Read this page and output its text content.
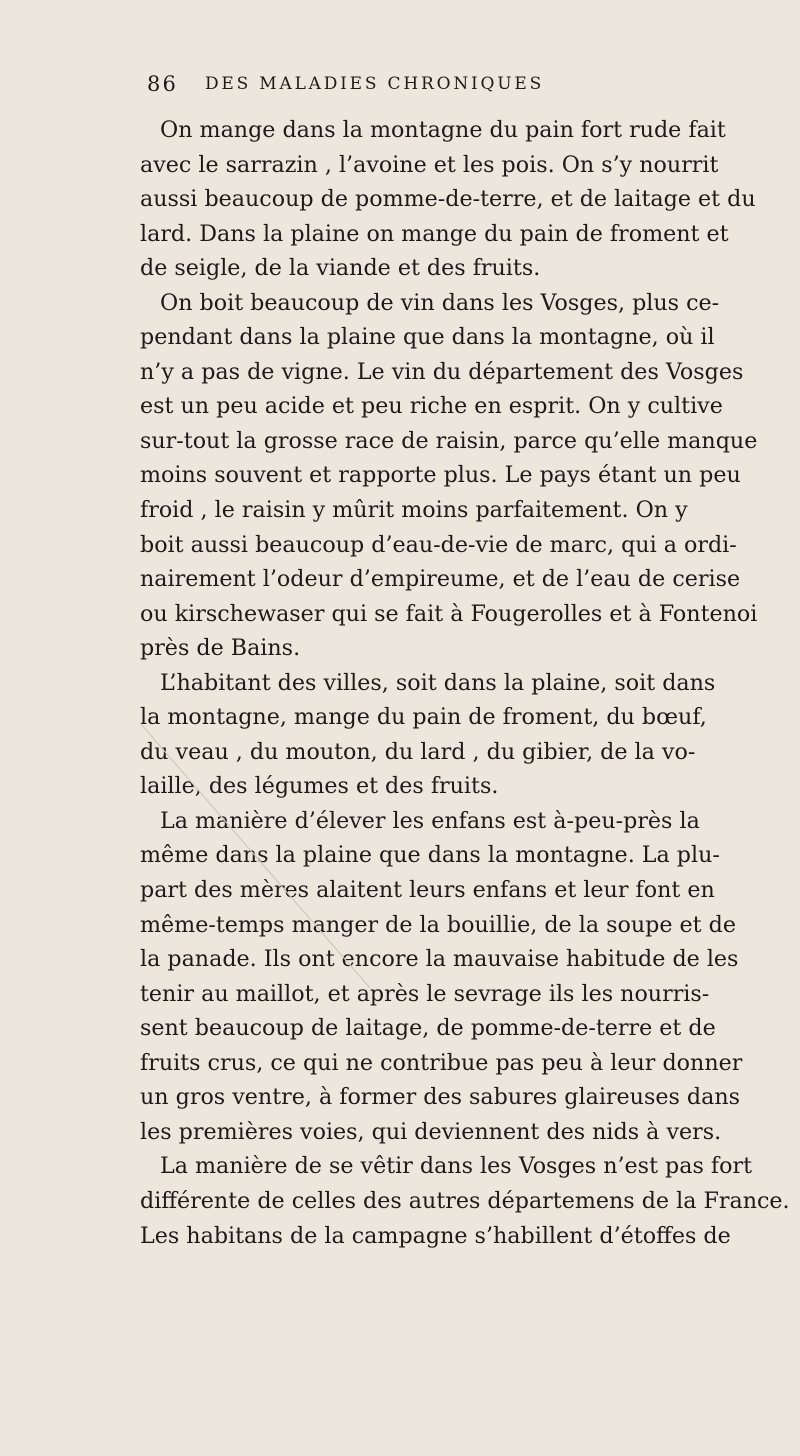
86 DES MALADIES CHRONIQUES
On mange dans la montagne du pain fort rude fait
avec le sarrazin , l’avoine et les pois. On s’y nourrit
aussi beaucoup de pomme-de-terre, et de laitage et du
lard. Dans la plaine on mange du pain de froment et
de seigle, de la viande et des fruits.
On boit beaucoup de vin dans les Vosges, plus ce-
pendant dans la plaine que dans la montagne, où il
n’y a pas de vigne. Le vin du département des Vosges
est un peu acide et peu riche en esprit. On y cultive
sur-tout la grosse race de raisin, parce qu’elle manque
moins souvent et rapporte plus. Le pays étant un peu
froid , le raisin y mûrit moins parfaitement. On y
boit aussi beaucoup d’eau-de-vie de marc, qui a ordi-
nairement l’odeur d’empireume, et de l’eau de cerise
ou kirschewaser qui se fait à Fougerolles et à Fontenoi
près de Bains.
L’habitant des villes, soit dans la plaine, soit dans
la montagne, mange du pain de froment, du bœuf,
du veau , du mouton, du lard , du gibier, de la vo-
laille, des légumes et des fruits.
La manière d’élever les enfans est à-peu-près la
même dans la plaine que dans la montagne. La plu-
part des mères alaitent leurs enfans et leur font en
même-temps manger de la bouillie, de la soupe et de
la panade. Ils ont encore la mauvaise habitude de les
tenir au maillot, et après le sevrage ils les nourris-
sent beaucoup de laitage, de pomme-de-terre et de
fruits crus, ce qui ne contribue pas peu à leur donner
un gros ventre, à former des sabures glaireuses dans
les premières voies, qui deviennent des nids à vers.
La manière de se vêtir dans les Vosges n’est pas fort
différente de celles des autres départemens de la France.
Les habitans de la campagne s’habillent d’étoffes de
